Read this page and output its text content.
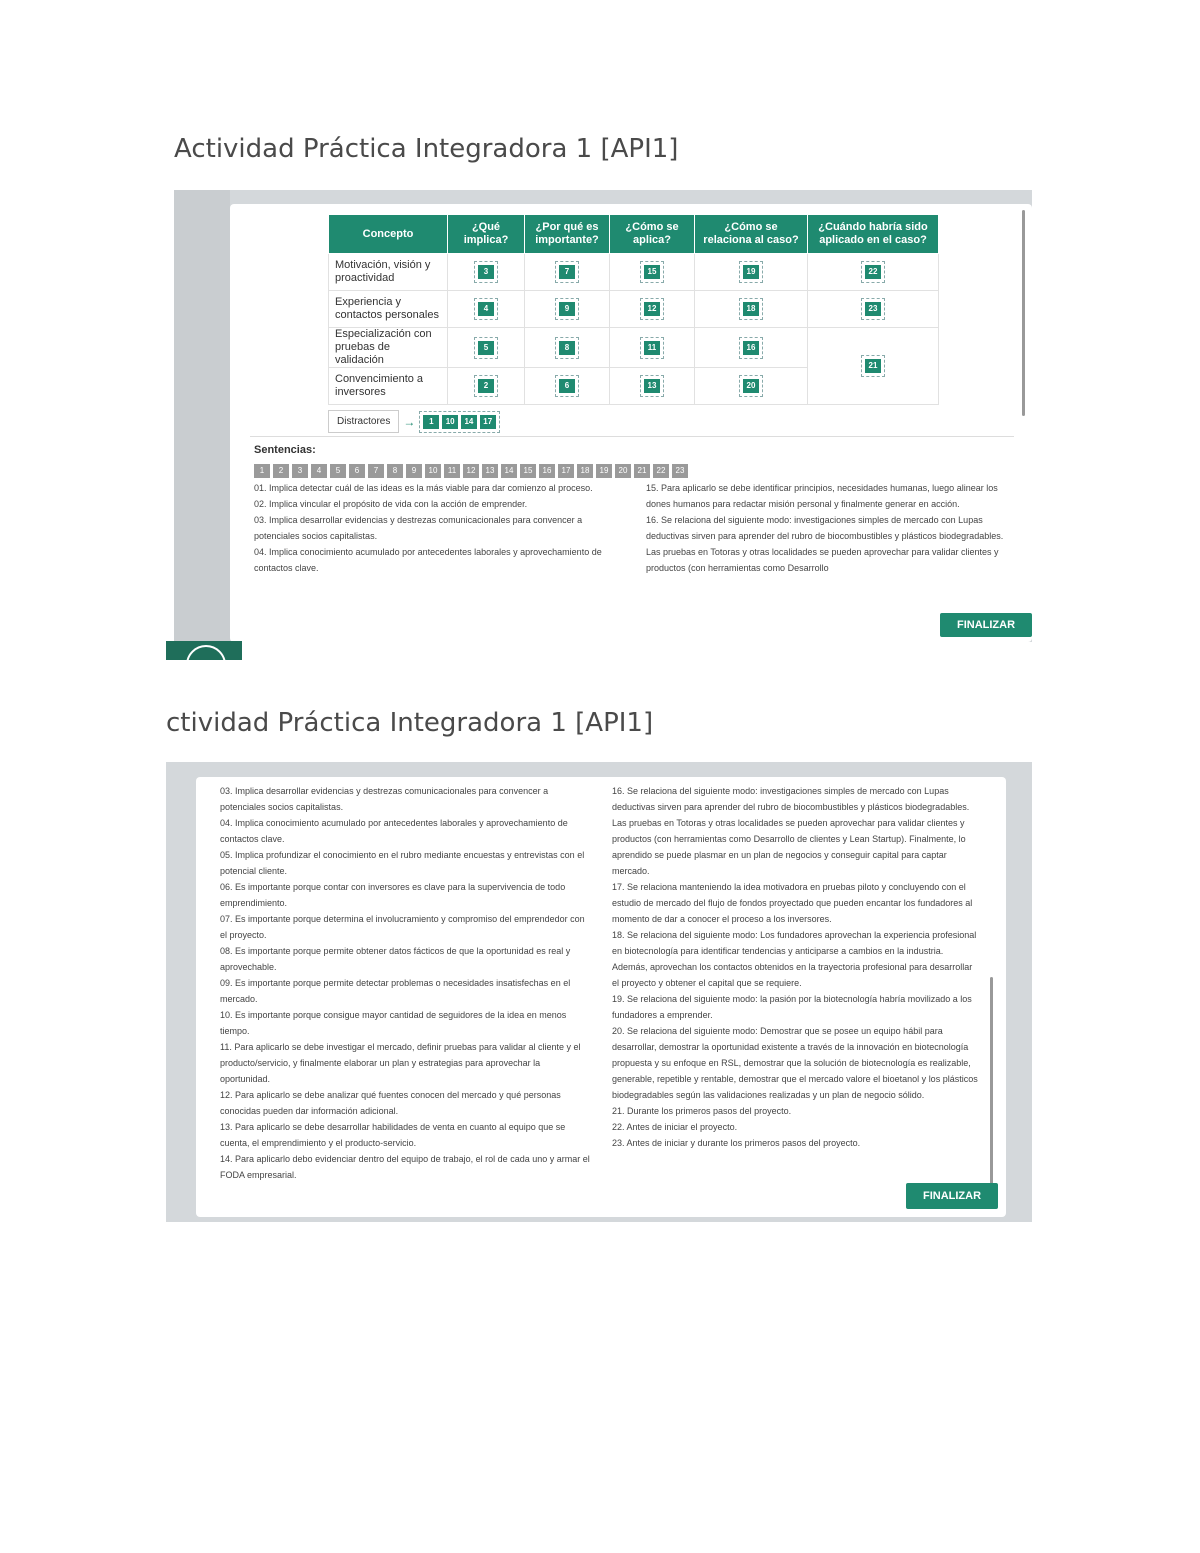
Actividad Práctica Integradora 1 [API1]
Concepto	¿Qué implica?	¿Por qué es importante?	¿Cómo se aplica?	¿Cómo se relaciona al caso?	¿Cuándo habría sido aplicado en el caso?
Motivación, visión y proactividad	3	7	15	19	22
Experiencia y contactos personales	4	9	12	18	23
Especialización con pruebas de validación	5	8	11	16	21
Convencimiento a inversores	2	6	13	20	
Distractores	→	1 10 14 17
Sentencias:
1 2 3 4 5 6 7 8 9 10 11 12 13 14 15 16 17 18 19 20 21 22 23

01. Implica detectar cuál de las ideas es la más viable para dar comienzo al proceso.

02. Implica vincular el propósito de vida con la acción de emprender.

03. Implica desarrollar evidencias y destrezas comunicacionales para convencer a potenciales socios capitalistas.

04. Implica conocimiento acumulado por antecedentes laborales y aprovechamiento de contactos clave.

15. Para aplicarlo se debe identificar principios, necesidades humanas, luego alinear los dones humanos para redactar misión personal y finalmente generar en acción.

16. Se relaciona del siguiente modo: investigaciones simples de mercado con Lupas deductivas sirven para aprender del rubro de biocombustibles y plásticos biodegradables. Las pruebas en Totoras y otras localidades se pueden aprovechar para validar clientes y productos (con herramientas como Desarrollo

FINALIZAR
ctividad Práctica Integradora 1 [API1]

03. Implica desarrollar evidencias y destrezas comunicacionales para convencer a potenciales socios capitalistas.

04. Implica conocimiento acumulado por antecedentes laborales y aprovechamiento de contactos clave.

05. Implica profundizar el conocimiento en el rubro mediante encuestas y entrevistas con el potencial cliente.

06. Es importante porque contar con inversores es clave para la supervivencia de todo emprendimiento.

07. Es importante porque determina el involucramiento y compromiso del emprendedor con el proyecto.

08. Es importante porque permite obtener datos fácticos de que la oportunidad es real y aprovechable.

09. Es importante porque permite detectar problemas o necesidades insatisfechas en el mercado.

10. Es importante porque consigue mayor cantidad de seguidores de la idea en menos tiempo.

11. Para aplicarlo se debe investigar el mercado, definir pruebas para validar al cliente y el producto/servicio, y finalmente elaborar un plan y estrategias para aprovechar la oportunidad.

12. Para aplicarlo se debe analizar qué fuentes conocen del mercado y qué personas conocidas pueden dar información adicional.

13. Para aplicarlo se debe desarrollar habilidades de venta en cuanto al equipo que se cuenta, el emprendimiento y el producto-servicio.

14. Para aplicarlo debo evidenciar dentro del equipo de trabajo, el rol de cada uno y armar el FODA empresarial.

16. Se relaciona del siguiente modo: investigaciones simples de mercado con Lupas deductivas sirven para aprender del rubro de biocombustibles y plásticos biodegradables. Las pruebas en Totoras y otras localidades se pueden aprovechar para validar clientes y productos (con herramientas como Desarrollo de clientes y Lean Startup). Finalmente, lo aprendido se puede plasmar en un plan de negocios y conseguir capital para captar mercado.

17. Se relaciona manteniendo la idea motivadora en pruebas piloto y concluyendo con el estudio de mercado del flujo de fondos proyectado que pueden encantar los fundadores al momento de dar a conocer el proceso a los inversores.

18. Se relaciona del siguiente modo: Los fundadores aprovechan la experiencia profesional en biotecnología para identificar tendencias y anticiparse a cambios en la industria. Además, aprovechan los contactos obtenidos en la trayectoria profesional para desarrollar el proyecto y obtener el capital que se requiere.

19. Se relaciona del siguiente modo: la pasión por la biotecnología habría movilizado a los fundadores a emprender.

20. Se relaciona del siguiente modo: Demostrar que se posee un equipo hábil para desarrollar, demostrar la oportunidad existente a través de la innovación en biotecnología propuesta y su enfoque en RSL, demostrar que la solución de biotecnología es realizable, generable, repetible y rentable, demostrar que el mercado valore el bioetanol y los plásticos biodegradables según las validaciones realizadas y un plan de negocio sólido.

21. Durante los primeros pasos del proyecto.

22. Antes de iniciar el proyecto.

23. Antes de iniciar y durante los primeros pasos del proyecto.

FINALIZAR
